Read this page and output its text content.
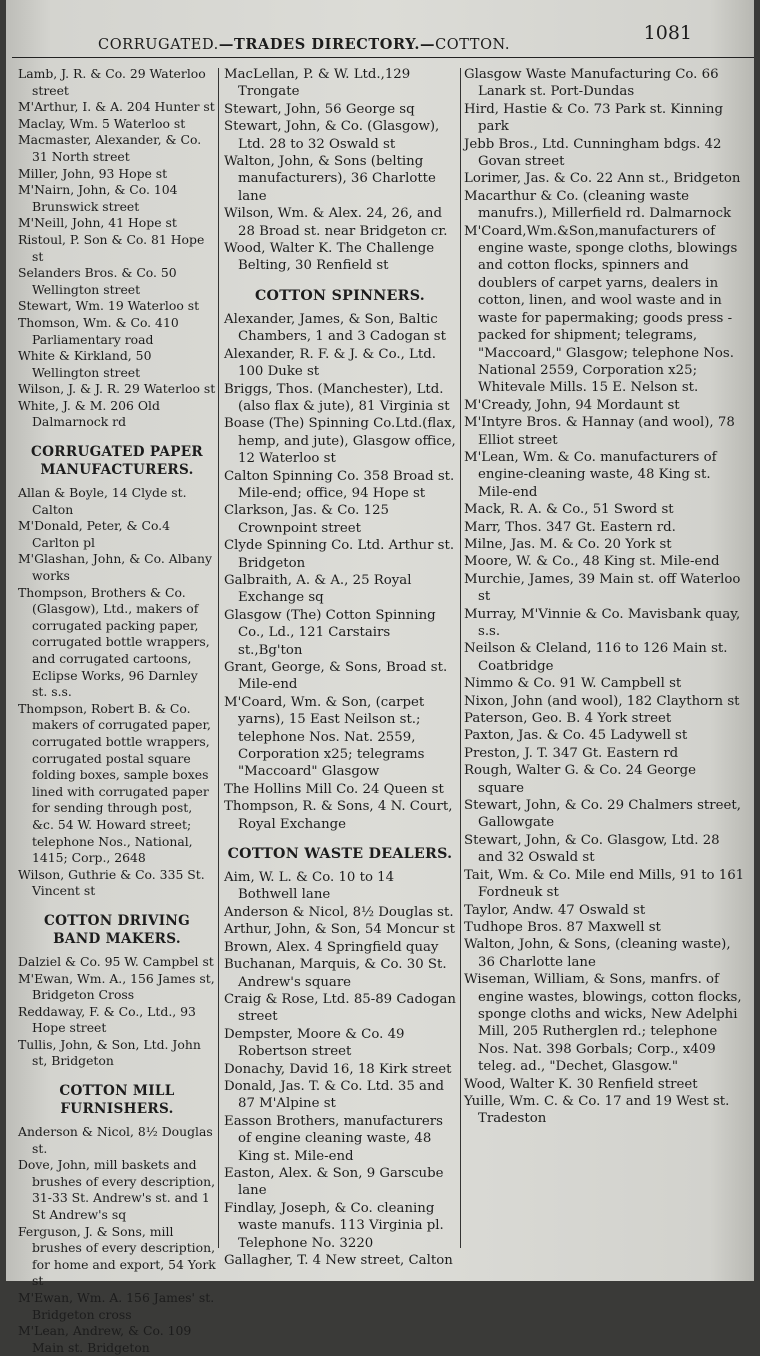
CORRUGATED.—TRADES DIRECTORY.—COTTON.
1081

Lamb, J. R. & Co. 29 Waterloo street

M'Arthur, I. & A. 204 Hunter st

Maclay, Wm. 5 Waterloo st

Macmaster, Alexander, & Co. 31 North street

Miller, John, 93 Hope st

M'Nairn, John, & Co. 104 Brunswick street

M'Neill, John, 41 Hope st

Ristoul, P. Son & Co. 81 Hope st

Selanders Bros. & Co. 50 Wellington street

Stewart, Wm. 19 Waterloo st

Thomson, Wm. & Co. 410 Parliamentary road

White & Kirkland, 50 Wellington street

Wilson, J. & J. R. 29 Waterloo st

White, J. & M. 206 Old Dalmarnock rd

CORRUGATED PAPER MANUFACTURERS.

Allan & Boyle, 14 Clyde st. Calton

M'Donald, Peter, & Co.4 Carlton pl

M'Glashan, John, & Co. Albany works

Thompson, Brothers & Co. (Glasgow), Ltd., makers of corrugated packing paper, corrugated bottle wrappers, and corrugated cartoons, Eclipse Works, 96 Darnley st. s.s.

Thompson, Robert B. & Co. makers of corrugated paper, corrugated bottle wrappers, corrugated postal square folding boxes, sample boxes lined with corrugated paper for sending through post, &c. 54 W. Howard street; telephone Nos., National, 1415; Corp., 2648

Wilson, Guthrie & Co. 335 St. Vincent st

COTTON DRIVING BAND MAKERS.

Dalziel & Co. 95 W. Campbel st

M'Ewan, Wm. A., 156 James st, Bridgeton Cross

Reddaway, F. & Co., Ltd., 93 Hope street

Tullis, John, & Son, Ltd. John st, Bridgeton

COTTON MILL FURNISHERS.

Anderson & Nicol, 8½ Douglas st.

Dove, John, mill baskets and brushes of every description, 31-33 St. Andrew's st. and 1 St Andrew's sq

Ferguson, J. & Sons, mill brushes of every description, for home and export, 54 York st

M'Ewan, Wm. A. 156 James' st. Bridgeton cross

M'Lean, Andrew, & Co. 109 Main st. Bridgeton

MacLellan, P. & W. Ltd.,129 Trongate

Stewart, John, 56 George sq

Stewart, John, & Co. (Glasgow), Ltd. 28 to 32 Oswald st

Walton, John, & Sons (belting manufacturers), 36 Charlotte lane

Wilson, Wm. & Alex. 24, 26, and 28 Broad st. near Bridgeton cr.

Wood, Walter K. The Challenge Belting, 30 Renfield st

COTTON SPINNERS.

Alexander, James, & Son, Baltic Chambers, 1 and 3 Cadogan st

Alexander, R. F. & J. & Co., Ltd. 100 Duke st

Briggs, Thos. (Manchester), Ltd. (also flax & jute), 81 Virginia st

Boase (The) Spinning Co.Ltd.(flax, hemp, and jute), Glasgow office, 12 Waterloo st

Calton Spinning Co. 358 Broad st. Mile-end; office, 94 Hope st

Clarkson, Jas. & Co. 125 Crownpoint street

Clyde Spinning Co. Ltd. Arthur st. Bridgeton

Galbraith, A. & A., 25 Royal Exchange sq

Glasgow (The) Cotton Spinning Co., Ld., 121 Carstairs st.,Bg'ton

Grant, George, & Sons, Broad st. Mile-end

M'Coard, Wm. & Son, (carpet yarns), 15 East Neilson st.; telephone Nos. Nat. 2559, Corporation x25; telegrams "Maccoard" Glasgow

The Hollins Mill Co. 24 Queen st

Thompson, R. & Sons, 4 N. Court, Royal Exchange

COTTON WASTE DEALERS.

Aim, W. L. & Co. 10 to 14 Bothwell lane

Anderson & Nicol, 8½ Douglas st.

Arthur, John, & Son, 54 Moncur st

Brown, Alex. 4 Springfield quay

Buchanan, Marquis, & Co. 30 St. Andrew's square

Craig & Rose, Ltd. 85-89 Cadogan street

Dempster, Moore & Co. 49 Robertson street

Donachy, David 16, 18 Kirk street

Donald, Jas. T. & Co. Ltd. 35 and 87 M'Alpine st

Easson Brothers, manufacturers of engine cleaning waste, 48 King st. Mile-end

Easton, Alex. & Son, 9 Garscube lane

Findlay, Joseph, & Co. cleaning waste manufs. 113 Virginia pl. Telephone No. 3220

Gallagher, T. 4 New street, Calton

Glasgow Waste Manufacturing Co. 66 Lanark st. Port-Dundas

Hird, Hastie & Co. 73 Park st. Kinning park

Jebb Bros., Ltd. Cunningham bdgs. 42 Govan street

Lorimer, Jas. & Co. 22 Ann st., Bridgeton

Macarthur & Co. (cleaning waste manufrs.), Millerfield rd. Dalmarnock

M'Coard,Wm.&Son,manufacturers of engine waste, sponge cloths, blowings and cotton flocks, spinners and doublers of carpet yarns, dealers in cotton, linen, and wool waste and in waste for papermaking; goods press - packed for shipment; telegrams, "Maccoard," Glasgow; telephone Nos. National 2559, Corporation x25; Whitevale Mills. 15 E. Nelson st.

M'Cready, John, 94 Mordaunt st

M'Intyre Bros. & Hannay (and wool), 78 Elliot street

M'Lean, Wm. & Co. manufacturers of engine-cleaning waste, 48 King st. Mile-end

Mack, R. A. & Co., 51 Sword st

Marr, Thos. 347 Gt. Eastern rd.

Milne, Jas. M. & Co. 20 York st

Moore, W. & Co., 48 King st. Mile-end

Murchie, James, 39 Main st. off Waterloo st

Murray, M'Vinnie & Co. Mavisbank quay, s.s.

Neilson & Cleland, 116 to 126 Main st. Coatbridge

Nimmo & Co. 91 W. Campbell st

Nixon, John (and wool), 182 Claythorn st

Paterson, Geo. B. 4 York street

Paxton, Jas. & Co. 45 Ladywell st

Preston, J. T. 347 Gt. Eastern rd

Rough, Walter G. & Co. 24 George square

Stewart, John, & Co. 29 Chalmers street, Gallowgate

Stewart, John, & Co. Glasgow, Ltd. 28 and 32 Oswald st

Tait, Wm. & Co. Mile end Mills, 91 to 161 Fordneuk st

Taylor, Andw. 47 Oswald st

Tudhope Bros. 87 Maxwell st

Walton, John, & Sons, (cleaning waste), 36 Charlotte lane

Wiseman, William, & Sons, manfrs. of engine wastes, blowings, cotton flocks, sponge cloths and wicks, New Adelphi Mill, 205 Rutherglen rd.; telephone Nos. Nat. 398 Gorbals; Corp., x409 teleg. ad., "Dechet, Glasgow."

Wood, Walter K. 30 Renfield street

Yuille, Wm. C. & Co. 17 and 19 West st. Tradeston
